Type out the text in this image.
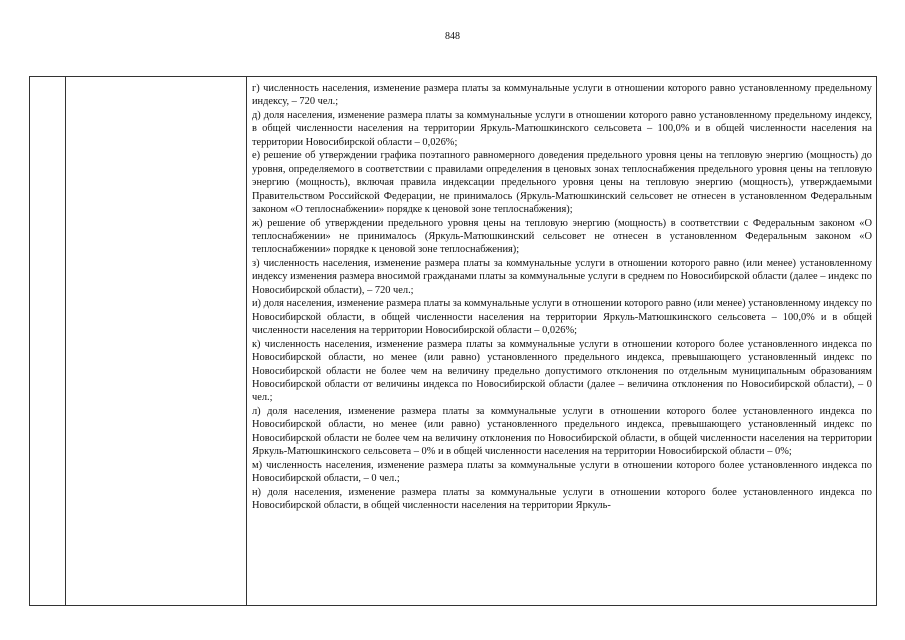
848

г) численность населения, изменение размера платы за коммунальные услуги в отношении которого равно установленному предельному индексу, – 720 чел.;

д) доля населения, изменение размера платы за коммунальные услуги в отношении которого равно установленному предельному индексу, в общей численности населения на территории Яркуль-Матюшкинского сельсовета – 100,0% и в общей численности населения на территории Новосибирской области – 0,026%;

е) решение об утверждении графика поэтапного равномерного доведения предельного уровня цены на тепловую энергию (мощность) до уровня, определяемого в соответствии с правилами определения в ценовых зонах теплоснабжения предельного уровня цены на тепловую энергию (мощность), включая правила индексации предельного уровня цены на тепловую энергию (мощность), утверждаемыми Правительством Российской Федерации, не принималось (Яркуль-Матюшкинский сельсовет не отнесен в установленном Федеральным законом «О теплоснабжении» порядке к ценовой зоне теплоснабжения);

ж) решение об утверждении предельного уровня цены на тепловую энергию (мощность) в соответствии с Федеральным законом «О теплоснабжении» не принималось (Яркуль-Матюшкинский сельсовет не отнесен в установленном Федеральным законом «О теплоснабжении» порядке к ценовой зоне теплоснабжения);

з) численность населения, изменение размера платы за коммунальные услуги в отношении которого равно (или менее) установленному индексу изменения размера вносимой гражданами платы за коммунальные услуги в среднем по Новосибирской области (далее – индекс по Новосибирской области), – 720 чел.;

и) доля населения, изменение размера платы за коммунальные услуги в отношении которого равно (или менее) установленному индексу по Новосибирской области, в общей численности населения на территории Яркуль-Матюшкинского сельсовета – 100,0% и в общей численности населения на территории Новосибирской области – 0,026%;

к) численность населения, изменение размера платы за коммунальные услуги в отношении которого более установленного индекса по Новосибирской области, но менее (или равно) установленного предельного индекса, превышающего установленный индекс по Новосибирской области не более чем на величину предельно допустимого отклонения по отдельным муниципальным образованиям Новосибирской области от величины индекса по Новосибирской области (далее – величина отклонения по Новосибирской области), – 0 чел.;

л) доля населения, изменение размера платы за коммунальные услуги в отношении которого более установленного индекса по Новосибирской области, но менее (или равно) установленного предельного индекса, превышающего установленный индекс по Новосибирской области не более чем на величину отклонения по Новосибирской области, в общей численности населения на территории Яркуль-Матюшкинского сельсовета – 0% и в общей численности населения на территории Новосибирской области – 0%;

м) численность населения, изменение размера платы за коммунальные услуги в отношении которого более установленного индекса по Новосибирской области, – 0 чел.;

н) доля населения, изменение размера платы за коммунальные услуги в отношении которого более установленного индекса по Новосибирской области, в общей численности населения на территории Яркуль-
